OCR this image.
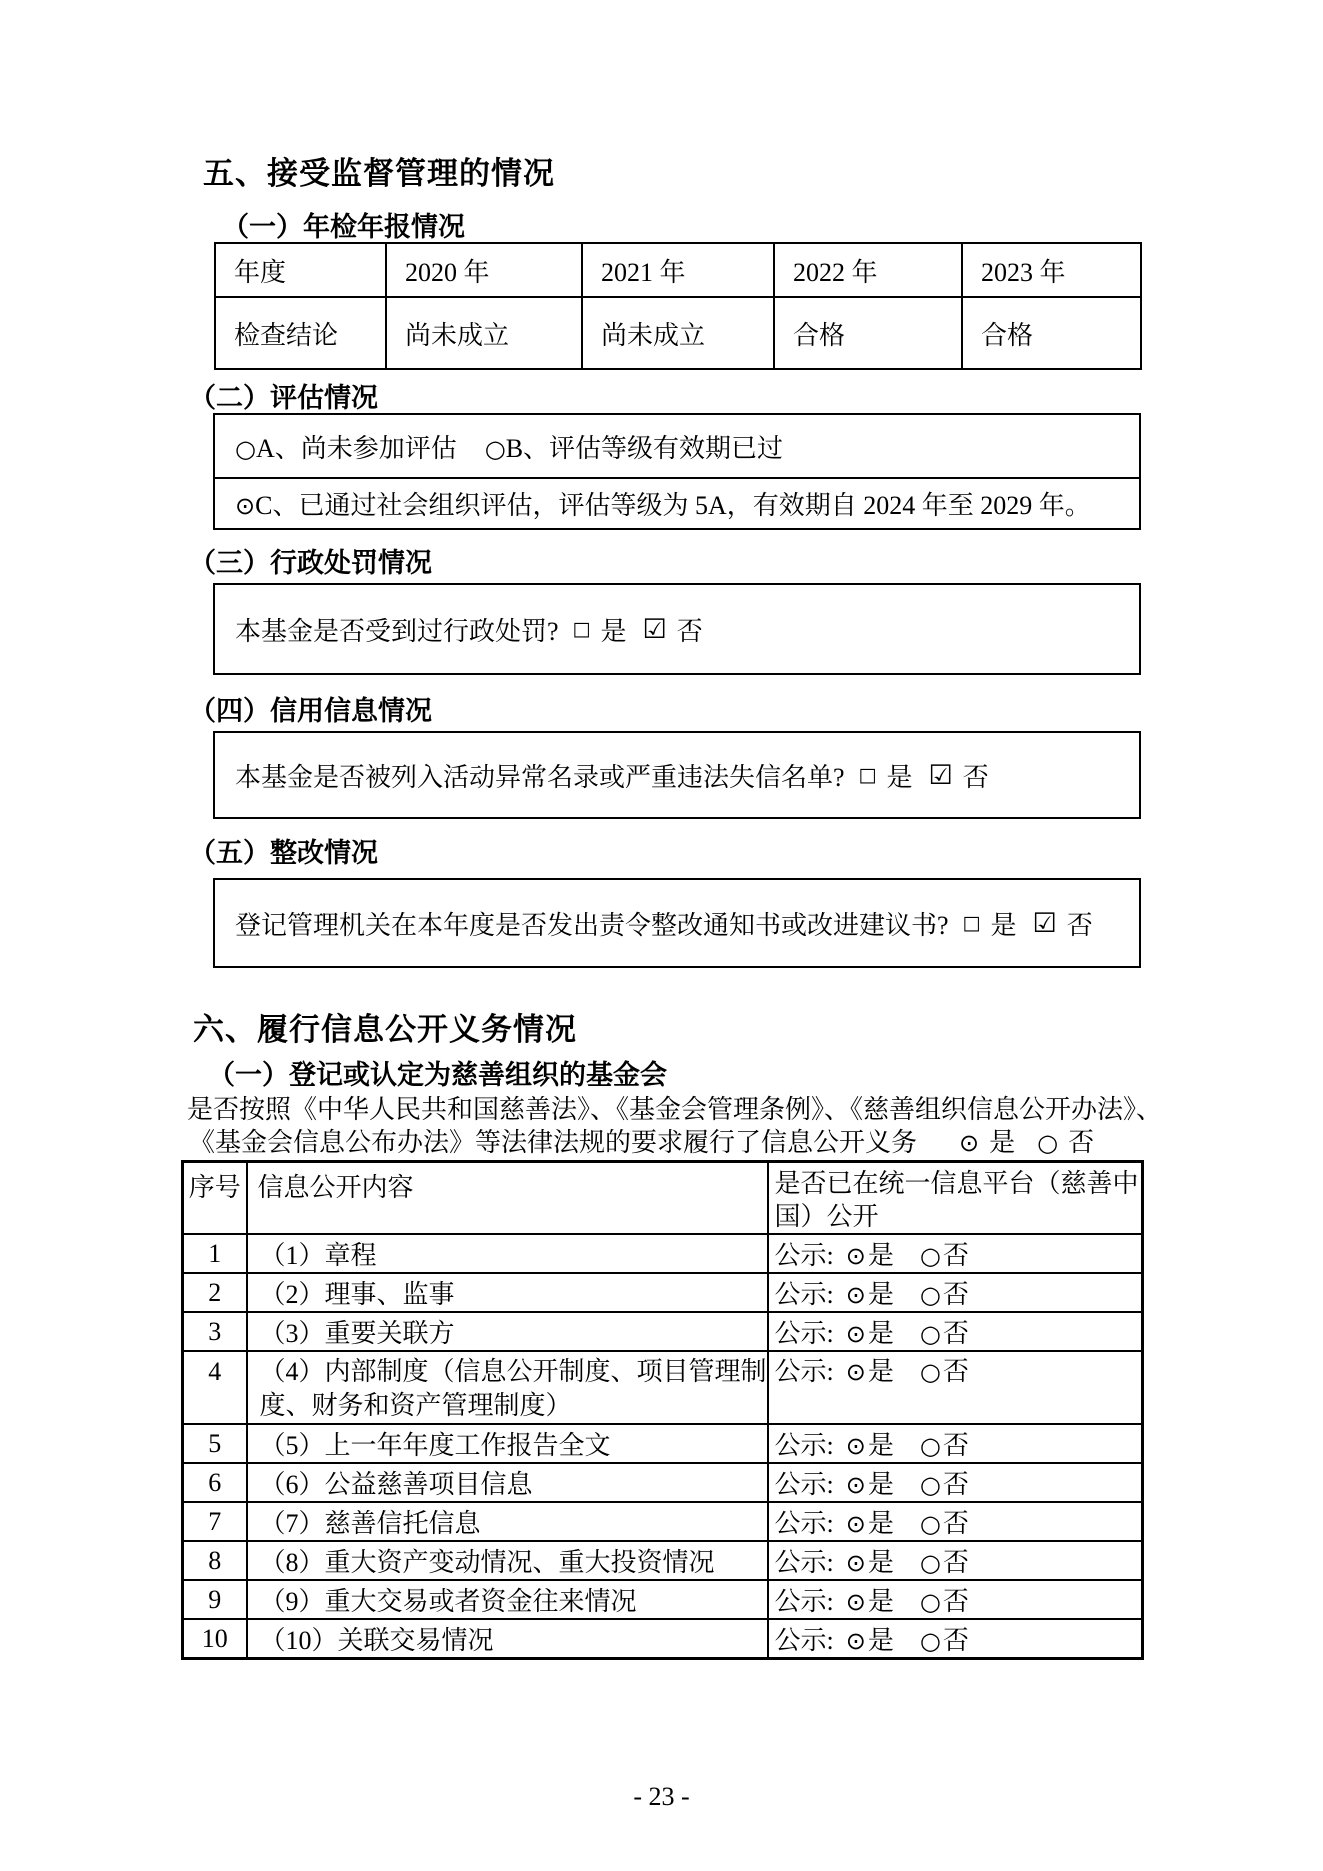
五、接受监督管理的情况
（一）年检年报情况
年度	2020 年	2021 年	2022 年	2023 年
检查结论	尚未成立	尚未成立	合格	合格
（二）评估情况
○A、尚未参加评估 ○B、评估等级有效期已过
⊙C、已通过社会组织评估，评估等级为 5A，有效期自 2024 年至 2029 年。
（三）行政处罚情况
本基金是否受到过行政处罚? □ 是 ☑ 否
（四）信用信息情况
本基金是否被列入活动异常名录或严重违法失信名单? □ 是 ☑ 否
（五）整改情况
登记管理机关在本年度是否发出责令整改通知书或改进建议书? □ 是 ☑ 否
六、履行信息公开义务情况
（一）登记或认定为慈善组织的基金会
是否按照《中华人民共和国慈善法》、《基金会管理条例》、《慈善组织信息公开办法》、
《基金会信息公布办法》等法律法规的要求履行了信息公开义务 ⊙ 是 ○ 否
序号	信息公开内容	是否已在统一信息平台（慈善中国）公开
1	（1）章程	公示: ⊙是 ○否
2	（2）理事、监事	公示: ⊙是 ○否
3	（3）重要关联方	公示: ⊙是 ○否
4	（4）内部制度（信息公开制度、项目管理制度、财务和资产管理制度）	公示: ⊙是 ○否
5	（5）上一年年度工作报告全文	公示: ⊙是 ○否
6	（6）公益慈善项目信息	公示: ⊙是 ○否
7	（7）慈善信托信息	公示: ⊙是 ○否
8	（8）重大资产变动情况、重大投资情况	公示: ⊙是 ○否
9	（9）重大交易或者资金往来情况	公示: ⊙是 ○否
10	（10）关联交易情况	公示: ⊙是 ○否
- 23 -
